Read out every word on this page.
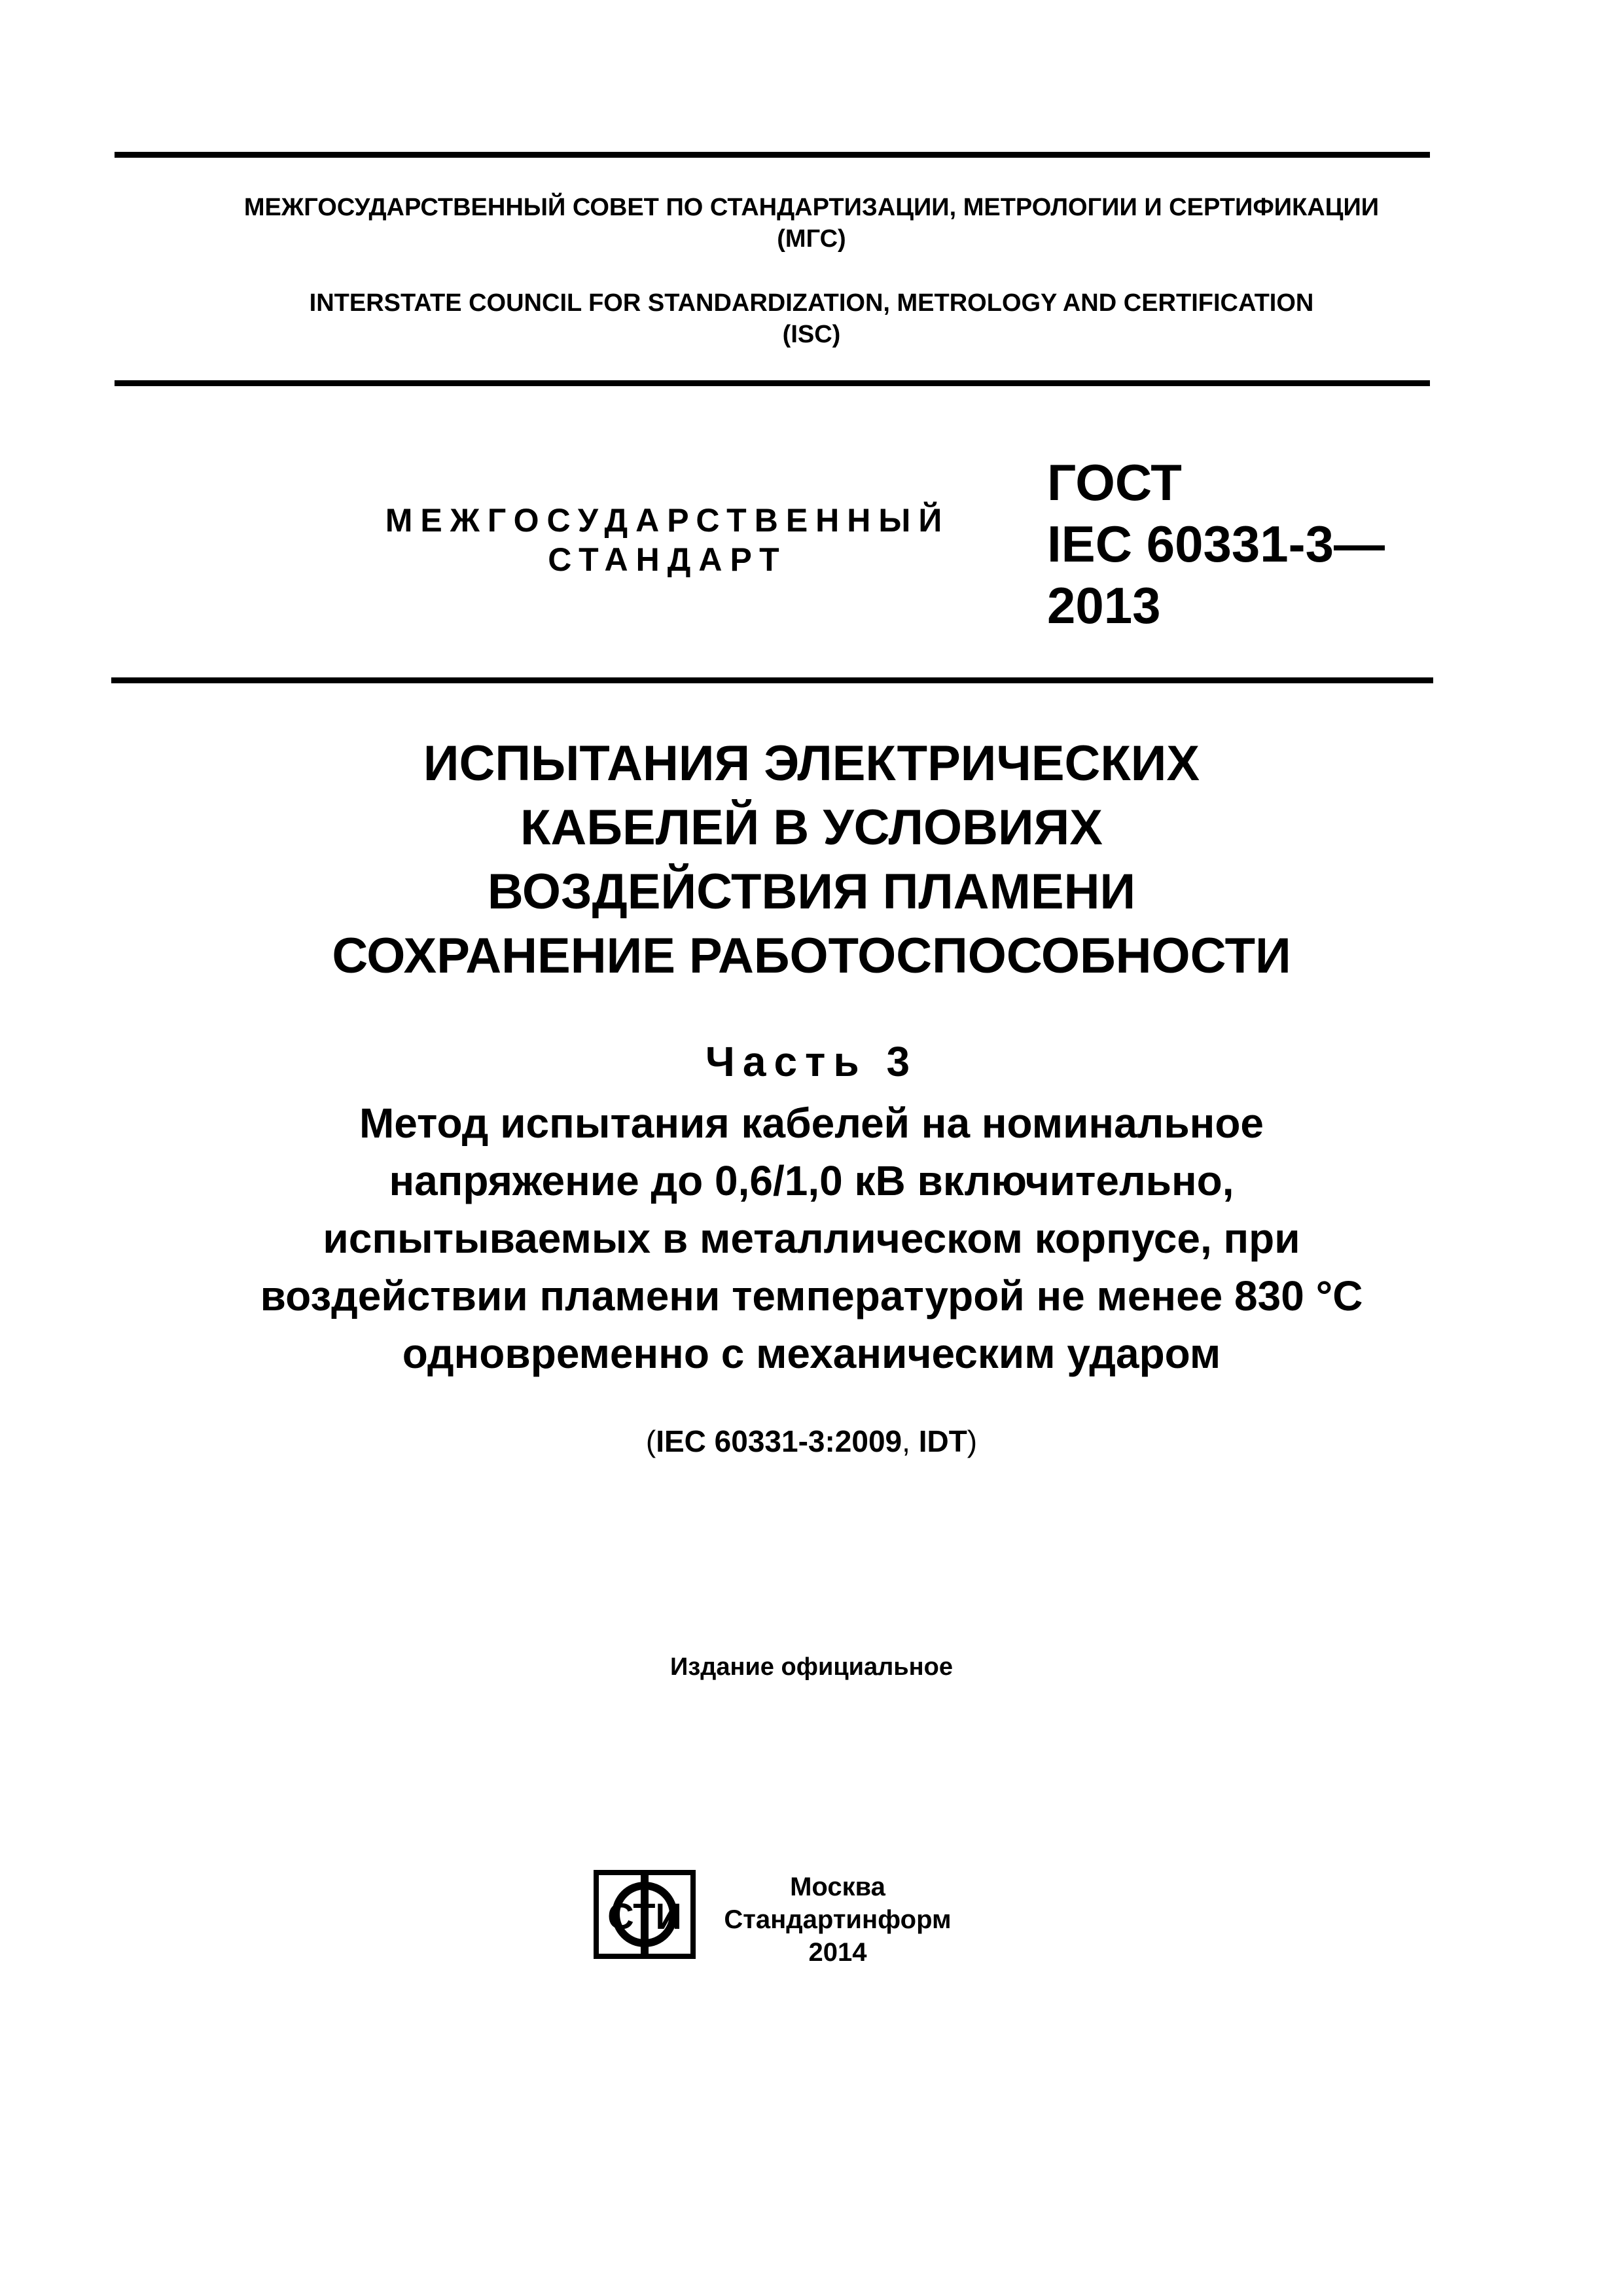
МЕЖГОСУДАРСТВЕННЫЙ СОВЕТ ПО СТАНДАРТИЗАЦИИ, МЕТРОЛОГИИ И СЕРТИФИКАЦИИ
(МГС)
INTERSTATE COUNCIL FOR STANDARDIZATION, METROLOGY AND CERTIFICATION
(ISC)
МЕЖГОСУДАРСТВЕННЫЙ
СТАНДАРТ
ГОСТ
IEC 60331-3—
2013
ИСПЫТАНИЯ ЭЛЕКТРИЧЕСКИХ
КАБЕЛЕЙ В УСЛОВИЯХ
ВОЗДЕЙСТВИЯ ПЛАМЕНИ
СОХРАНЕНИЕ РАБОТОСПОСОБНОСТИ
Часть 3
Метод испытания кабелей на номинальное
напряжение до 0,6/1,0 кВ включительно,
испытываемых в металлическом корпусе, при
воздействии пламени температурой не менее 830 °С
одновременно с механическим ударом
(IEC 60331-3:2009, IDT)
Издание официальное
СТИ
Москва
Стандартинформ
2014
